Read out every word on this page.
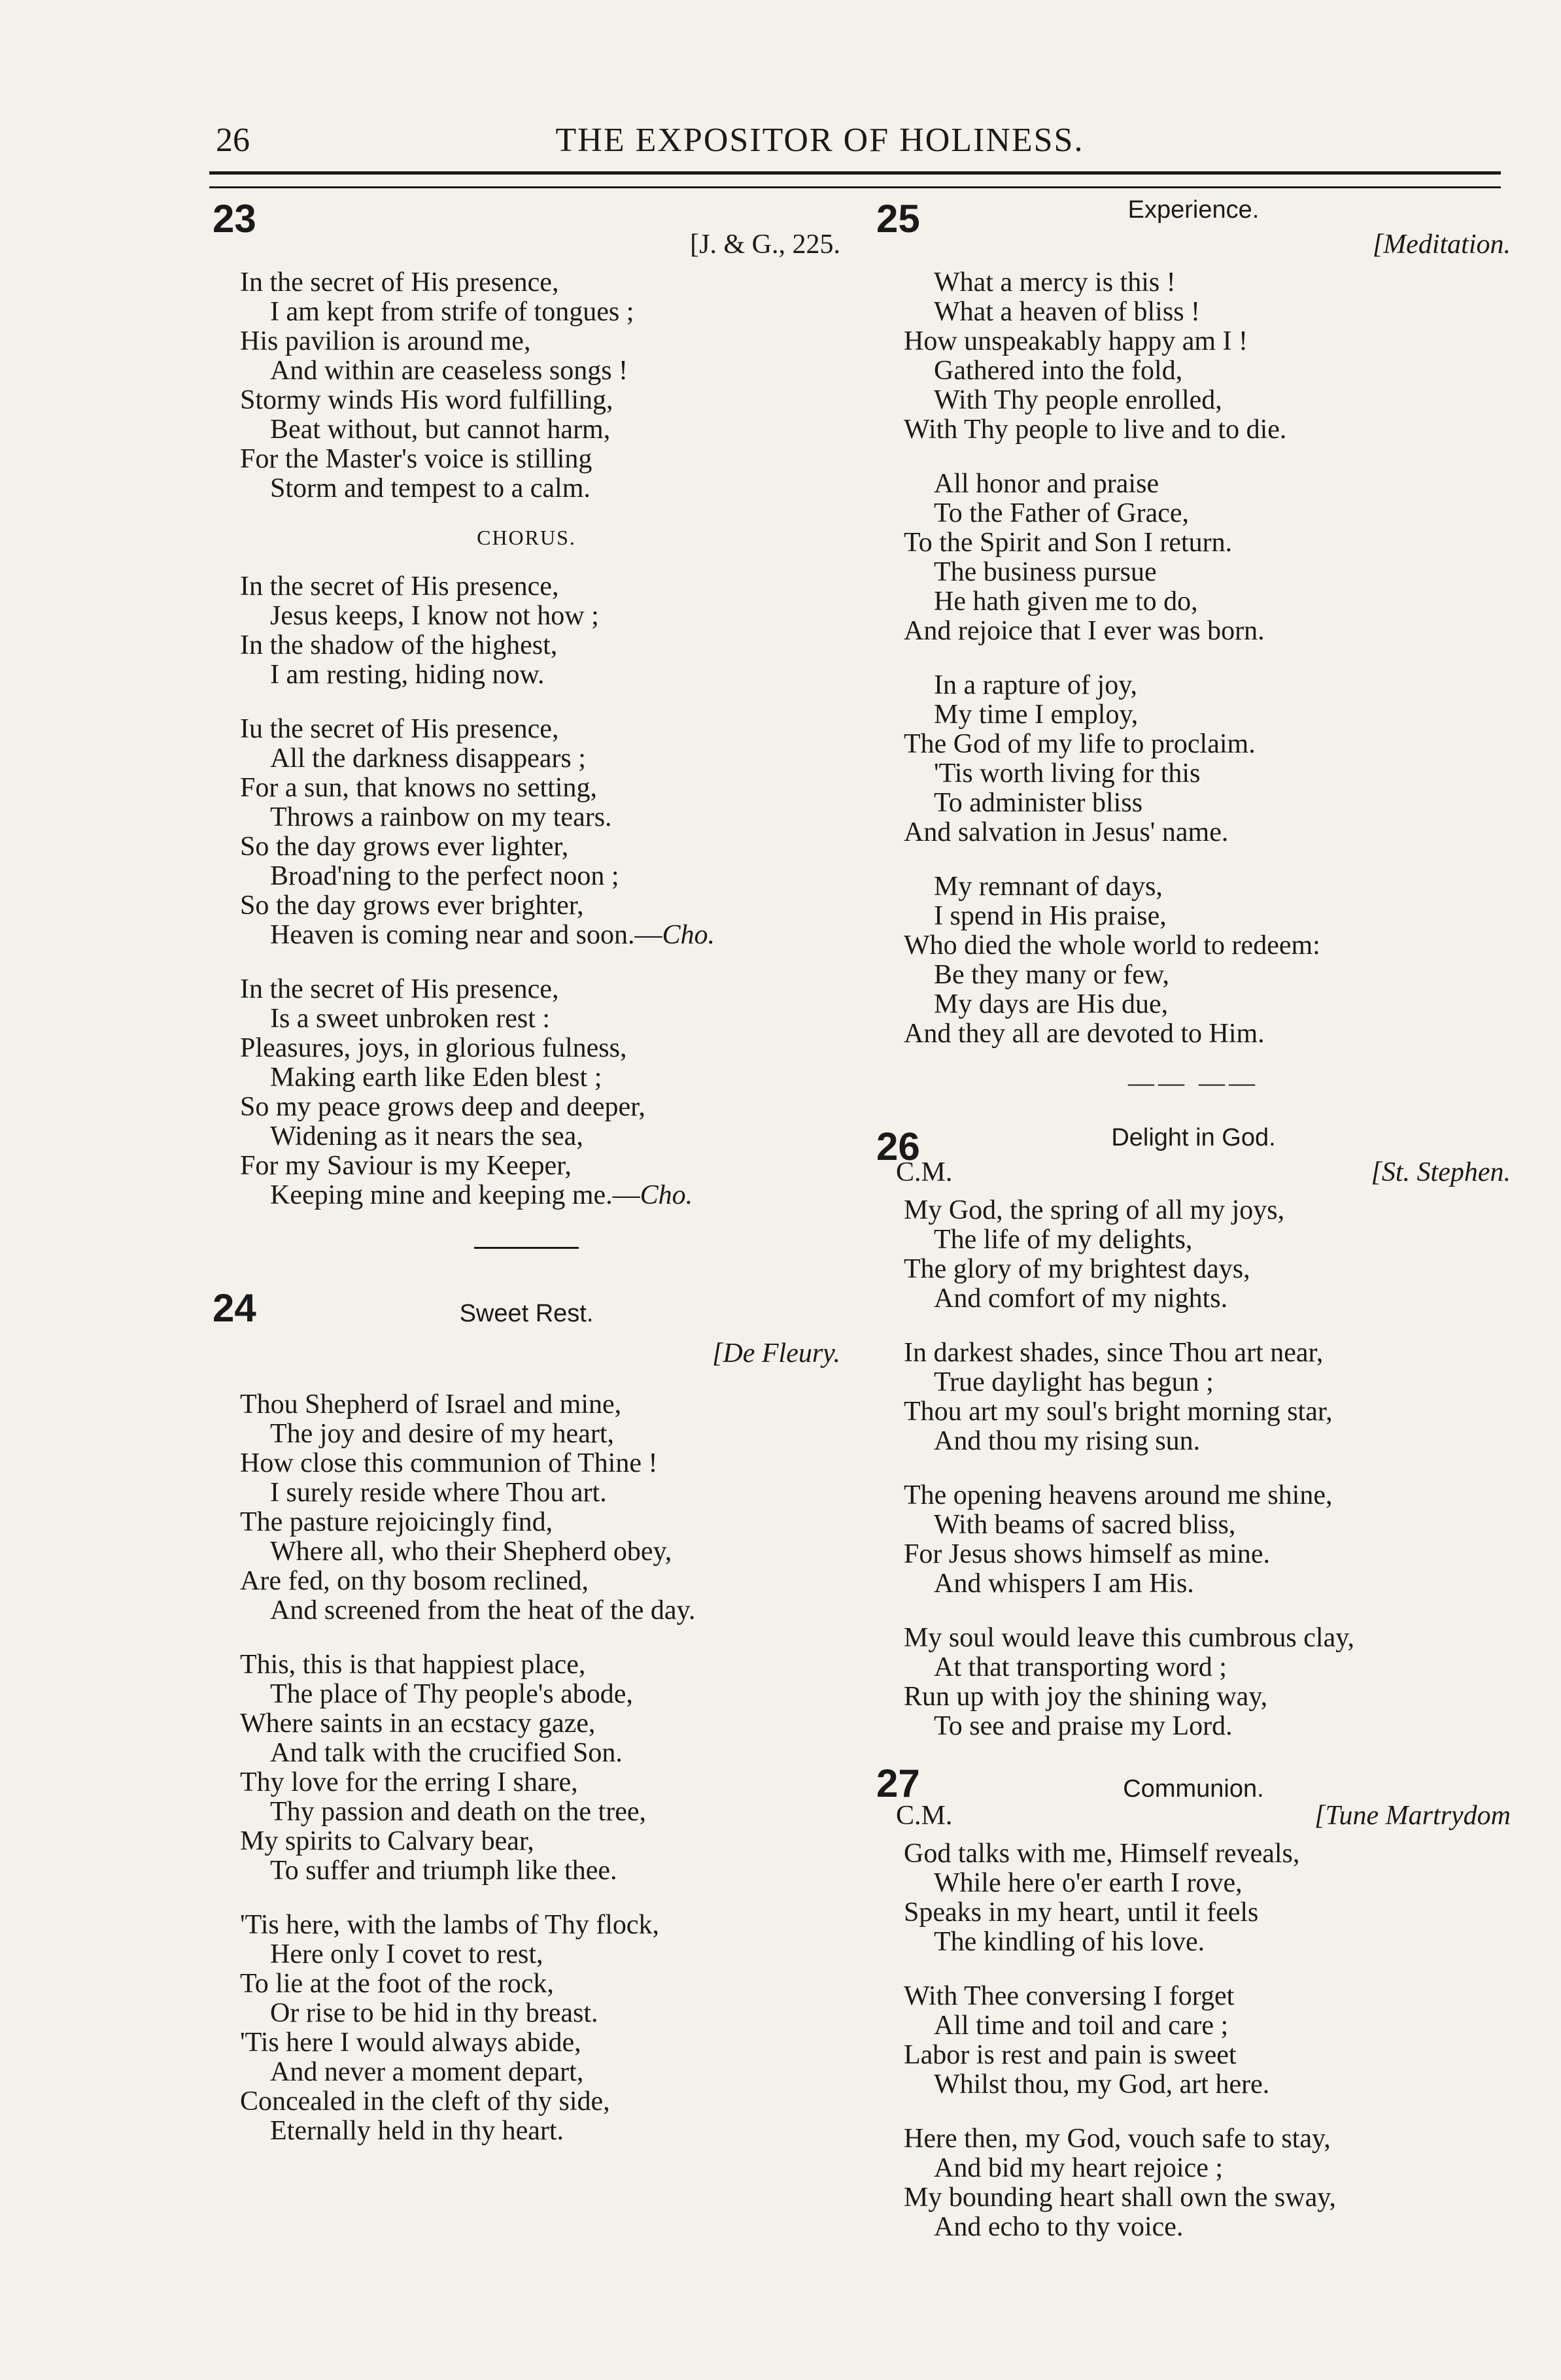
26	THE EXPOSITOR OF HOLINESS.
23
[J. & G., 225.
In the secret of His presence,
I am kept from strife of tongues ;
His pavilion is around me,
And within are ceaseless songs !
Stormy winds His word fulfilling,
Beat without, but cannot harm,
For the Master's voice is stilling
Storm and tempest to a calm.
CHORUS.
In the secret of His presence,
Jesus keeps, I know not how ;
In the shadow of the highest,
I am resting, hiding now.
Iu the secret of His presence,
All the darkness disappears ;
For a sun, that knows no setting,
Throws a rainbow on my tears.
So the day grows ever lighter,
Broad'ning to the perfect noon ;
So the day grows ever brighter,
Heaven is coming near and soon.—Cho.
In the secret of His presence,
Is a sweet unbroken rest :
Pleasures, joys, in glorious fulness,
Making earth like Eden blest ;
So my peace grows deep and deeper,
Widening as it nears the sea,
For my Saviour is my Keeper,
Keeping mine and keeping me.—Cho.
24	Sweet Rest.
[De Fleury.
Thou Shepherd of Israel and mine,
The joy and desire of my heart,
How close this communion of Thine !
I surely reside where Thou art.
The pasture rejoicingly find,
Where all, who their Shepherd obey,
Are fed, on thy bosom reclined,
And screened from the heat of the day.
This, this is that happiest place,
The place of Thy people's abode,
Where saints in an ecstacy gaze,
And talk with the crucified Son.
Thy love for the erring I share,
Thy passion and death on the tree,
My spirits to Calvary bear,
To suffer and triumph like thee.
'Tis here, with the lambs of Thy flock,
Here only I covet to rest,
To lie at the foot of the rock,
Or rise to be hid in thy breast.
'Tis here I would always abide,
And never a moment depart,
Concealed in the cleft of thy side,
Eternally held in thy heart.
25	Experience.
[Meditation.
What a mercy is this !
What a heaven of bliss !
How unspeakably happy am I !
Gathered into the fold,
With Thy people enrolled,
With Thy people to live and to die.
All honor and praise
To the Father of Grace,
To the Spirit and Son I return.
The business pursue
He hath given me to do,
And rejoice that I ever was born.
In a rapture of joy,
My time I employ,
The God of my life to proclaim.
'Tis worth living for this
To administer bliss
And salvation in Jesus' name.
My remnant of days,
I spend in His praise,
Who died the whole world to redeem:
Be they many or few,
My days are His due,
And they all are devoted to Him.
—— ——
26	Delight in God.
C.M.	[St. Stephen.
My God, the spring of all my joys,
The life of my delights,
The glory of my brightest days,
And comfort of my nights.
In darkest shades, since Thou art near,
True daylight has begun ;
Thou art my soul's bright morning star,
And thou my rising sun.
The opening heavens around me shine,
With beams of sacred bliss,
For Jesus shows himself as mine.
And whispers I am His.
My soul would leave this cumbrous clay,
At that transporting word ;
Run up with joy the shining way,
To see and praise my Lord.
27	Communion.
C.M.	[Tune Martrydom
God talks with me, Himself reveals,
While here o'er earth I rove,
Speaks in my heart, until it feels
The kindling of his love.
With Thee conversing I forget
All time and toil and care ;
Labor is rest and pain is sweet
Whilst thou, my God, art here.
Here then, my God, vouch safe to stay,
And bid my heart rejoice ;
My bounding heart shall own the sway,
And echo to thy voice.
